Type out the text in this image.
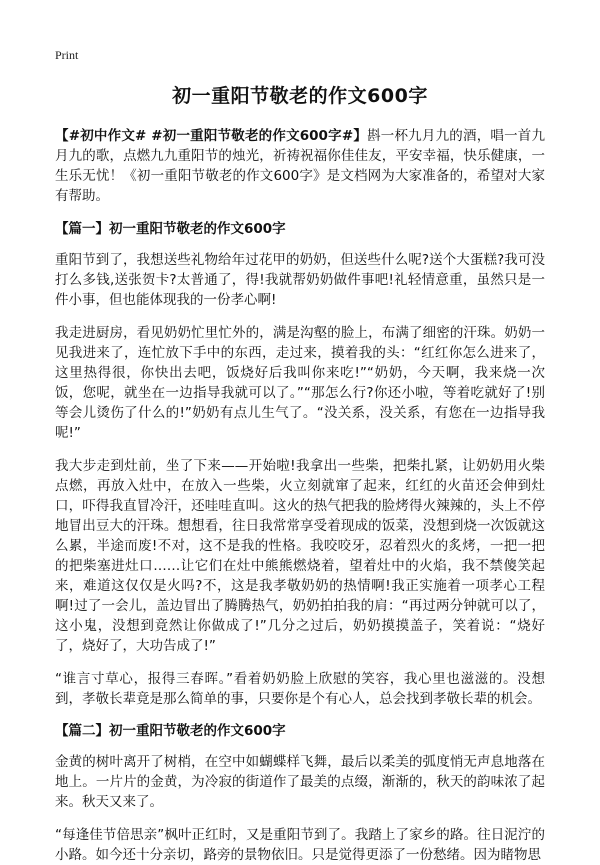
Print
初一重阳节敬老的作文600字

【#初中作文# #初一重阳节敬老的作文600字#】斟一杯九月九的酒，唱一首九月九的歌，点燃九九重阳节的烛光，祈祷祝福你佳佳友，平安幸福，快乐健康，一生乐无忧！《初一重阳节敬老的作文600字》是文档网为大家准备的，希望对大家有帮助。

【篇一】初一重阳节敬老的作文600字

重阳节到了，我想送些礼物给年过花甲的奶奶，但送些什么呢?送个大蛋糕?我可没打么多钱,送张贺卡?太普通了，得!我就帮奶奶做件事吧!礼轻情意重，虽然只是一件小事，但也能体现我的一份孝心啊!

我走进厨房，看见奶奶忙里忙外的，满是沟壑的脸上，布满了细密的汗珠。奶奶一见我进来了，连忙放下手中的东西，走过来，摸着我的头：“红红你怎么进来了，这里热得很，你快出去吧，饭烧好后我叫你来吃!”“奶奶，今天啊，我来烧一次饭，您呢，就坐在一边指导我就可以了。”“那怎么行?你还小啦，等着吃就好了!别等会儿烫伤了什么的!”奶奶有点儿生气了。“没关系，没关系，有您在一边指导我呢!”

我大步走到灶前，坐了下来——开始啦!我拿出一些柴，把柴扎紧，让奶奶用火柴点燃，再放入灶中，在放入一些柴，火立刻就窜了起来，红红的火苗还会伸到灶口，吓得我直冒冷汗，还哇哇直叫。这火的热气把我的脸烤得火辣辣的，头上不停地冒出豆大的汗珠。想想看，往日我常常享受着现成的饭菜，没想到烧一次饭就这么累，半途而废!不对，这不是我的性格。我咬咬牙，忍着烈火的炙烤，一把一把的把柴塞进灶口……让它们在灶中熊熊燃烧着，望着灶中的火焰，我不禁傻笑起来，难道这仅仅是火吗?不，这是我孝敬奶奶的热情啊!我正实施着一项孝心工程啊!过了一会儿，盖边冒出了腾腾热气，奶奶拍拍我的肩：“再过两分钟就可以了，这小鬼，没想到竟然让你做成了!”几分之过后，奶奶摸摸盖子，笑着说：“烧好了，烧好了，大功告成了!”

“谁言寸草心，报得三春晖。”看着奶奶脸上欣慰的笑容，我心里也滋滋的。没想到，孝敬长辈竟是那么简单的事，只要你是个有心人，总会找到孝敬长辈的机会。

【篇二】初一重阳节敬老的作文600字

金黄的树叶离开了树梢，在空中如蝴蝶样飞舞，最后以柔美的弧度悄无声息地落在地上。一片片的金黄，为冷寂的街道作了最美的点缀，渐渐的，秋天的韵味浓了起来。秋天又来了。

“每逢佳节倍思亲”枫叶正红时，又是重阳节到了。我踏上了家乡的路。往日泥泞的小路。如今还十分亲切，路旁的景物依旧。只是觉得更添了一份愁绪。因为睹物思
